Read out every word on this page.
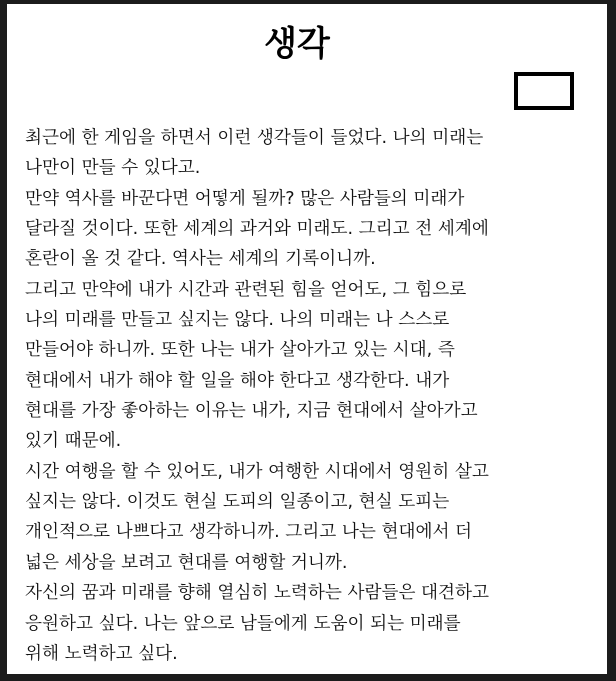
생각
최근에 한 게임을 하면서 이런 생각들이 들었다. 나의 미래는
나만이 만들 수 있다고.
만약 역사를 바꾼다면 어떻게 될까? 많은 사람들의 미래가
달라질 것이다. 또한 세계의 과거와 미래도. 그리고 전 세계에
혼란이 올 것 같다. 역사는 세계의 기록이니까.
그리고 만약에 내가 시간과 관련된 힘을 얻어도, 그 힘으로
나의 미래를 만들고 싶지는 않다. 나의 미래는 나 스스로
만들어야 하니까. 또한 나는 내가 살아가고 있는 시대, 즉
현대에서 내가 해야 할 일을 해야 한다고 생각한다. 내가
현대를 가장 좋아하는 이유는 내가, 지금 현대에서 살아가고
있기 때문에.
시간 여행을 할 수 있어도, 내가 여행한 시대에서 영원히 살고
싶지는 않다. 이것도 현실 도피의 일종이고, 현실 도피는
개인적으로 나쁘다고 생각하니까. 그리고 나는 현대에서 더
넓은 세상을 보려고 현대를 여행할 거니까.
자신의 꿈과 미래를 향해 열심히 노력하는 사람들은 대견하고
응원하고 싶다. 나는 앞으로 남들에게 도움이 되는 미래를
위해 노력하고 싶다.
